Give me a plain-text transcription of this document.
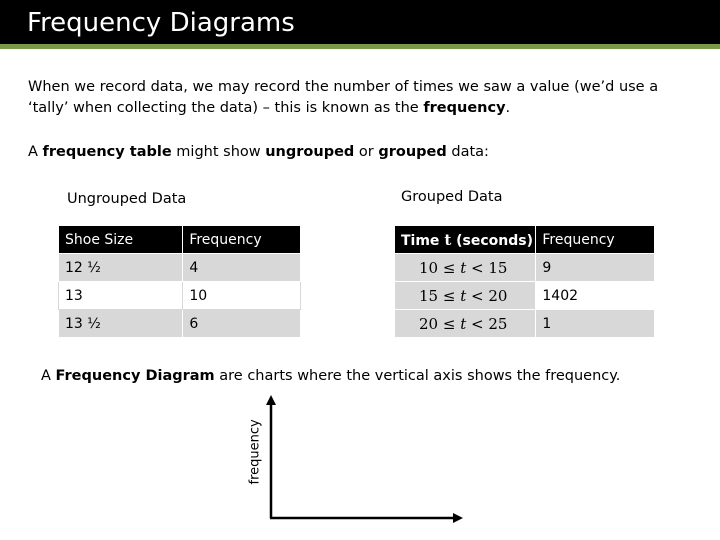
Frequency Diagrams
When we record data, we may record the number of times we saw a value (we’d use a ‘tally’ when collecting the data) – this is known as the frequency.
A frequency table might show ungrouped or grouped data:
Ungrouped Data	Grouped Data
Shoe Size	Frequency
12 ½	4
13	10
13 ½	6
Time t (seconds)	Frequency
10 ≤ t < 15	9
15 ≤ t < 20	1402
20 ≤ t < 25	1
A Frequency Diagram are charts where the vertical axis shows the frequency.
frequency
